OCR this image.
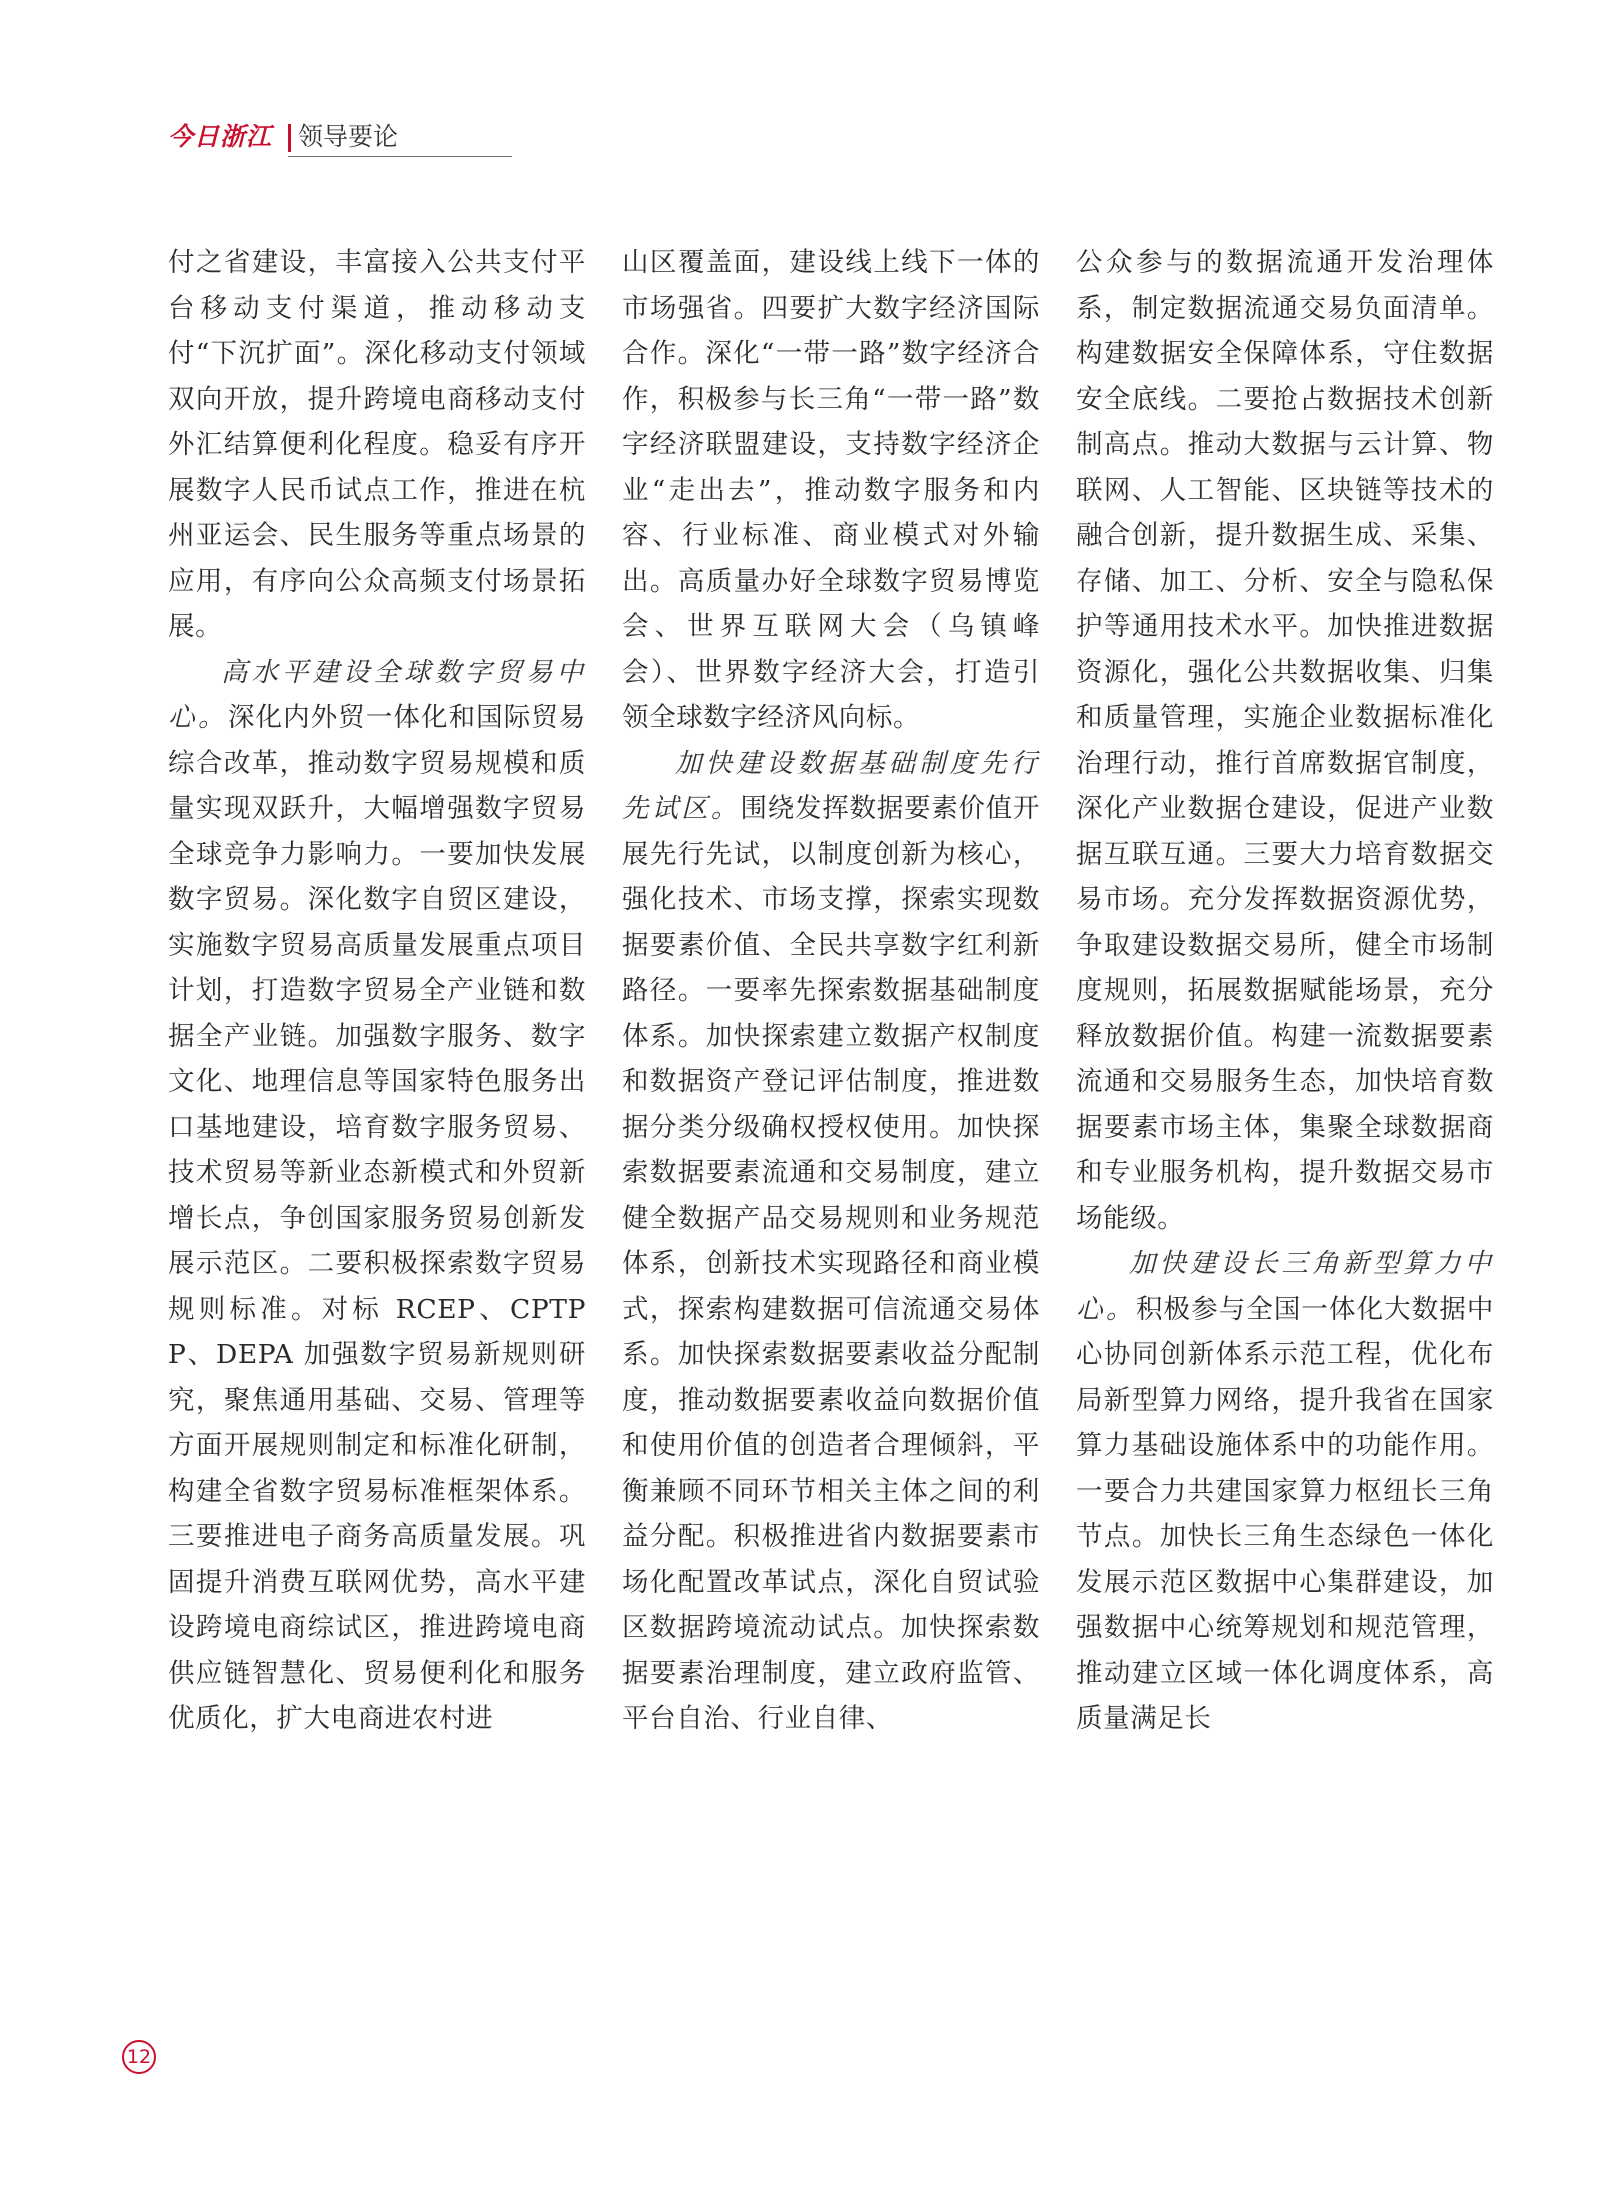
今日浙江 领导要论

付之省建设，丰富接入公共支付平台移动支付渠道，推动移动支付“下沉扩面”。深化移动支付领域双向开放，提升跨境电商移动支付外汇结算便利化程度。稳妥有序开展数字人民币试点工作，推进在杭州亚运会、民生服务等重点场景的应用，有序向公众高频支付场景拓展。

高水平建设全球数字贸易中心。深化内外贸一体化和国际贸易综合改革，推动数字贸易规模和质量实现双跃升，大幅增强数字贸易全球竞争力影响力。一要加快发展数字贸易。深化数字自贸区建设，实施数字贸易高质量发展重点项目计划，打造数字贸易全产业链和数据全产业链。加强数字服务、数字文化、地理信息等国家特色服务出口基地建设，培育数字服务贸易、技术贸易等新业态新模式和外贸新增长点，争创国家服务贸易创新发展示范区。二要积极探索数字贸易规则标准。对标 RCEP、CPTPP、DEPA 加强数字贸易新规则研究，聚焦通用基础、交易、管理等方面开展规则制定和标准化研制，构建全省数字贸易标准框架体系。三要推进电子商务高质量发展。巩固提升消费互联网优势，高水平建设跨境电商综试区，推进跨境电商供应链智慧化、贸易便利化和服务优质化，扩大电商进农村进

山区覆盖面，建设线上线下一体的市场强省。四要扩大数字经济国际合作。深化“一带一路”数字经济合作，积极参与长三角“一带一路”数字经济联盟建设，支持数字经济企业“走出去”，推动数字服务和内容、行业标准、商业模式对外输出。高质量办好全球数字贸易博览会、世界互联网大会（乌镇峰会）、世界数字经济大会，打造引领全球数字经济风向标。

加快建设数据基础制度先行先试区。围绕发挥数据要素价值开展先行先试，以制度创新为核心，强化技术、市场支撑，探索实现数据要素价值、全民共享数字红利新路径。一要率先探索数据基础制度体系。加快探索建立数据产权制度和数据资产登记评估制度，推进数据分类分级确权授权使用。加快探索数据要素流通和交易制度，建立健全数据产品交易规则和业务规范体系，创新技术实现路径和商业模式，探索构建数据可信流通交易体系。加快探索数据要素收益分配制度，推动数据要素收益向数据价值和使用价值的创造者合理倾斜，平衡兼顾不同环节相关主体之间的利益分配。积极推进省内数据要素市场化配置改革试点，深化自贸试验区数据跨境流动试点。加快探索数据要素治理制度，建立政府监管、平台自治、行业自律、

公众参与的数据流通开发治理体系，制定数据流通交易负面清单。构建数据安全保障体系，守住数据安全底线。二要抢占数据技术创新制高点。推动大数据与云计算、物联网、人工智能、区块链等技术的融合创新，提升数据生成、采集、存储、加工、分析、安全与隐私保护等通用技术水平。加快推进数据资源化，强化公共数据收集、归集和质量管理，实施企业数据标准化治理行动，推行首席数据官制度，深化产业数据仓建设，促进产业数据互联互通。三要大力培育数据交易市场。充分发挥数据资源优势，争取建设数据交易所，健全市场制度规则，拓展数据赋能场景，充分释放数据价值。构建一流数据要素流通和交易服务生态，加快培育数据要素市场主体，集聚全球数据商和专业服务机构，提升数据交易市场能级。

加快建设长三角新型算力中心。积极参与全国一体化大数据中心协同创新体系示范工程，优化布局新型算力网络，提升我省在国家算力基础设施体系中的功能作用。一要合力共建国家算力枢纽长三角节点。加快长三角生态绿色一体化发展示范区数据中心集群建设，加强数据中心统筹规划和规范管理，推动建立区域一体化调度体系，高质量满足长

12
